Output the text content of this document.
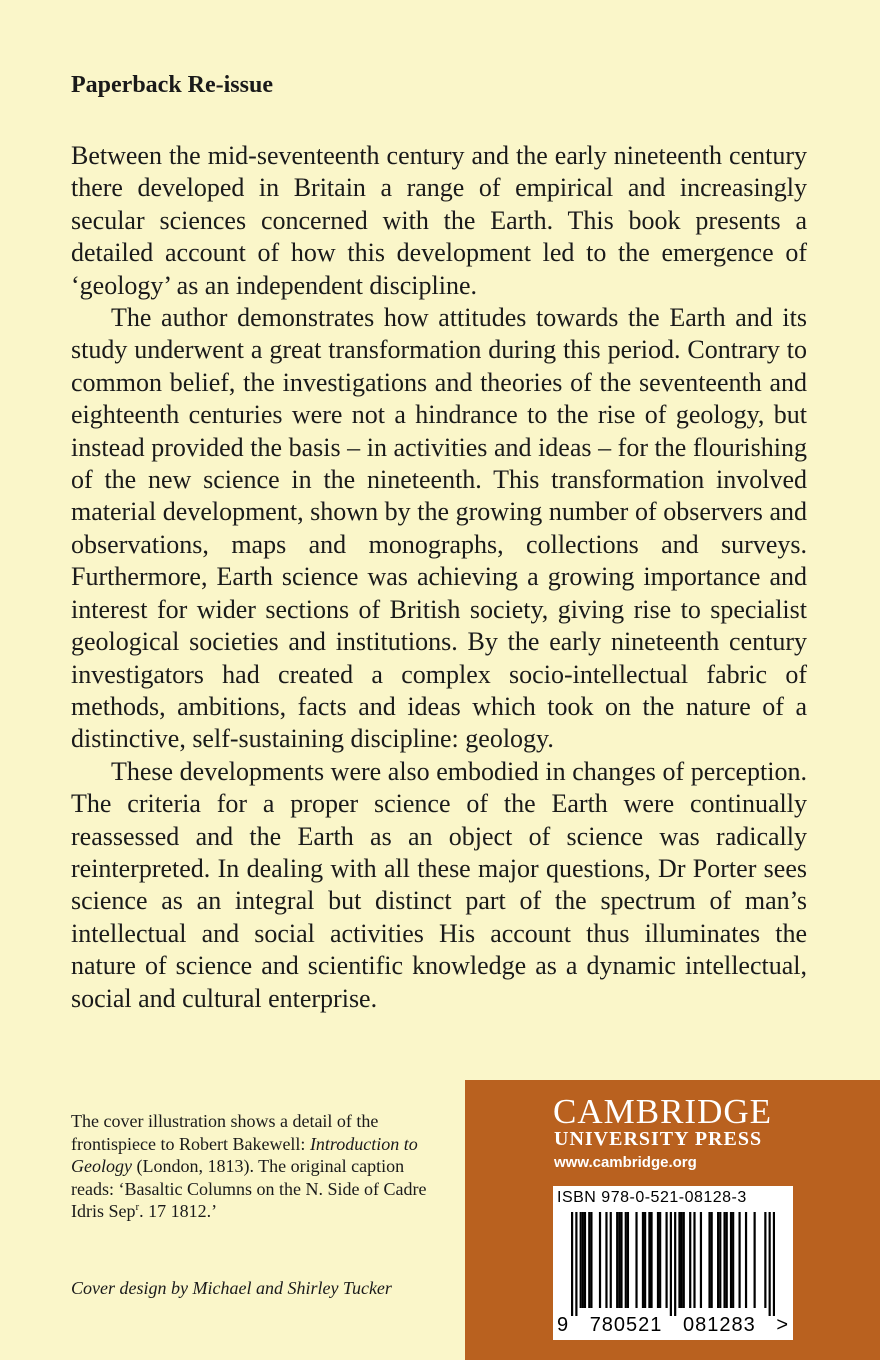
Paperback Re-issue

Between the mid-seventeenth century and the early nineteenth century there developed in Britain a range of empirical and increasingly secular sciences concerned with the Earth. This book presents a detailed account of how this development led to the emergence of ‘geology’ as an independent discipline.

The author demonstrates how attitudes towards the Earth and its study underwent a great transformation during this period. Contrary to common belief, the investigations and theories of the seventeenth and eighteenth centuries were not a hindrance to the rise of geology, but instead provided the basis – in activities and ideas – for the flourishing of the new science in the nineteenth. This transformation involved material development, shown by the growing number of observers and observations, maps and monographs, collections and surveys. Furthermore, Earth science was achieving a growing importance and interest for wider sections of British society, giving rise to specialist geological societies and institutions. By the early nineteenth century investigators had created a complex socio-intellectual fabric of methods, ambitions, facts and ideas which took on the nature of a distinctive, self-sustaining discipline: geology.

These developments were also embodied in changes of perception. The criteria for a proper science of the Earth were continually reassessed and the Earth as an object of science was radically reinterpreted. In dealing with all these major questions, Dr Porter sees science as an integral but distinct part of the spectrum of man’s intellectual and social activities His account thus illuminates the nature of science and scientific knowledge as a dynamic intellectual, social and cultural enterprise.

The cover illustration shows a detail of the frontispiece to Robert Bakewell: Introduction to Geology (London, 1813). The original caption reads: ‘Basaltic Columns on the N. Side of Cadre Idris Sep$^r$. 17 1812.’

Cover design by Michael and Shirley Tucker

CAMBRIDGE
UNIVERSITY PRESS
www.cambridge.org
ISBN 978-0-521-08128-3
9 780521 081283 >
